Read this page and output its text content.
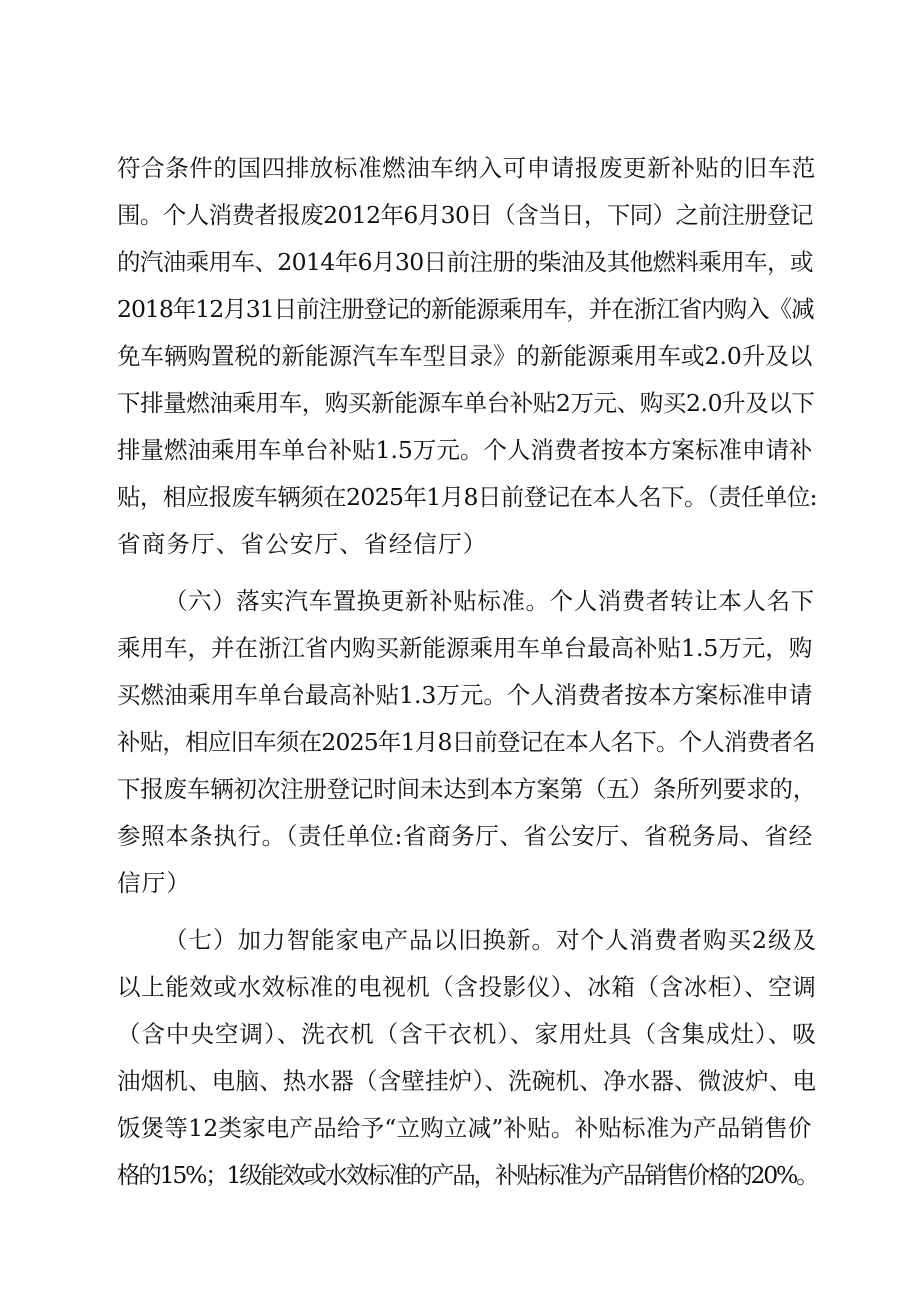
符合条件的国四排放标准燃油车纳入可申请报废更新补贴的旧车范
围。个人消费者报废2012年6月30日（含当日，下同）之前注册登记
的汽油乘用车、2014年6月30日前注册的柴油及其他燃料乘用车，或
2018年12月31日前注册登记的新能源乘用车，并在浙江省内购入《减
免车辆购置税的新能源汽车车型目录》的新能源乘用车或2.0升及以
下排量燃油乘用车，购买新能源车单台补贴2万元、购买2.0升及以下
排量燃油乘用车单台补贴1.5万元。个人消费者按本方案标准申请补
贴，相应报废车辆须在2025年1月8日前登记在本人名下。（责任单位:
省商务厅、省公安厅、省经信厅）
（六）落实汽车置换更新补贴标准。个人消费者转让本人名下
乘用车，并在浙江省内购买新能源乘用车单台最高补贴1.5万元，购
买燃油乘用车单台最高补贴1.3万元。个人消费者按本方案标准申请
补贴，相应旧车须在2025年1月8日前登记在本人名下。个人消费者名
下报废车辆初次注册登记时间未达到本方案第（五）条所列要求的，
参照本条执行。（责任单位:省商务厅、省公安厅、省税务局、省经
信厅）
（七）加力智能家电产品以旧换新。对个人消费者购买2级及
以上能效或水效标准的电视机（含投影仪）、冰箱（含冰柜）、空调
（含中央空调）、洗衣机（含干衣机）、家用灶具（含集成灶）、吸
油烟机、电脑、热水器（含壁挂炉）、洗碗机、净水器、微波炉、电
饭煲等12类家电产品给予“立购立减”补贴。补贴标准为产品销售价
格的15%；1级能效或水效标准的产品，补贴标准为产品销售价格的20%。
